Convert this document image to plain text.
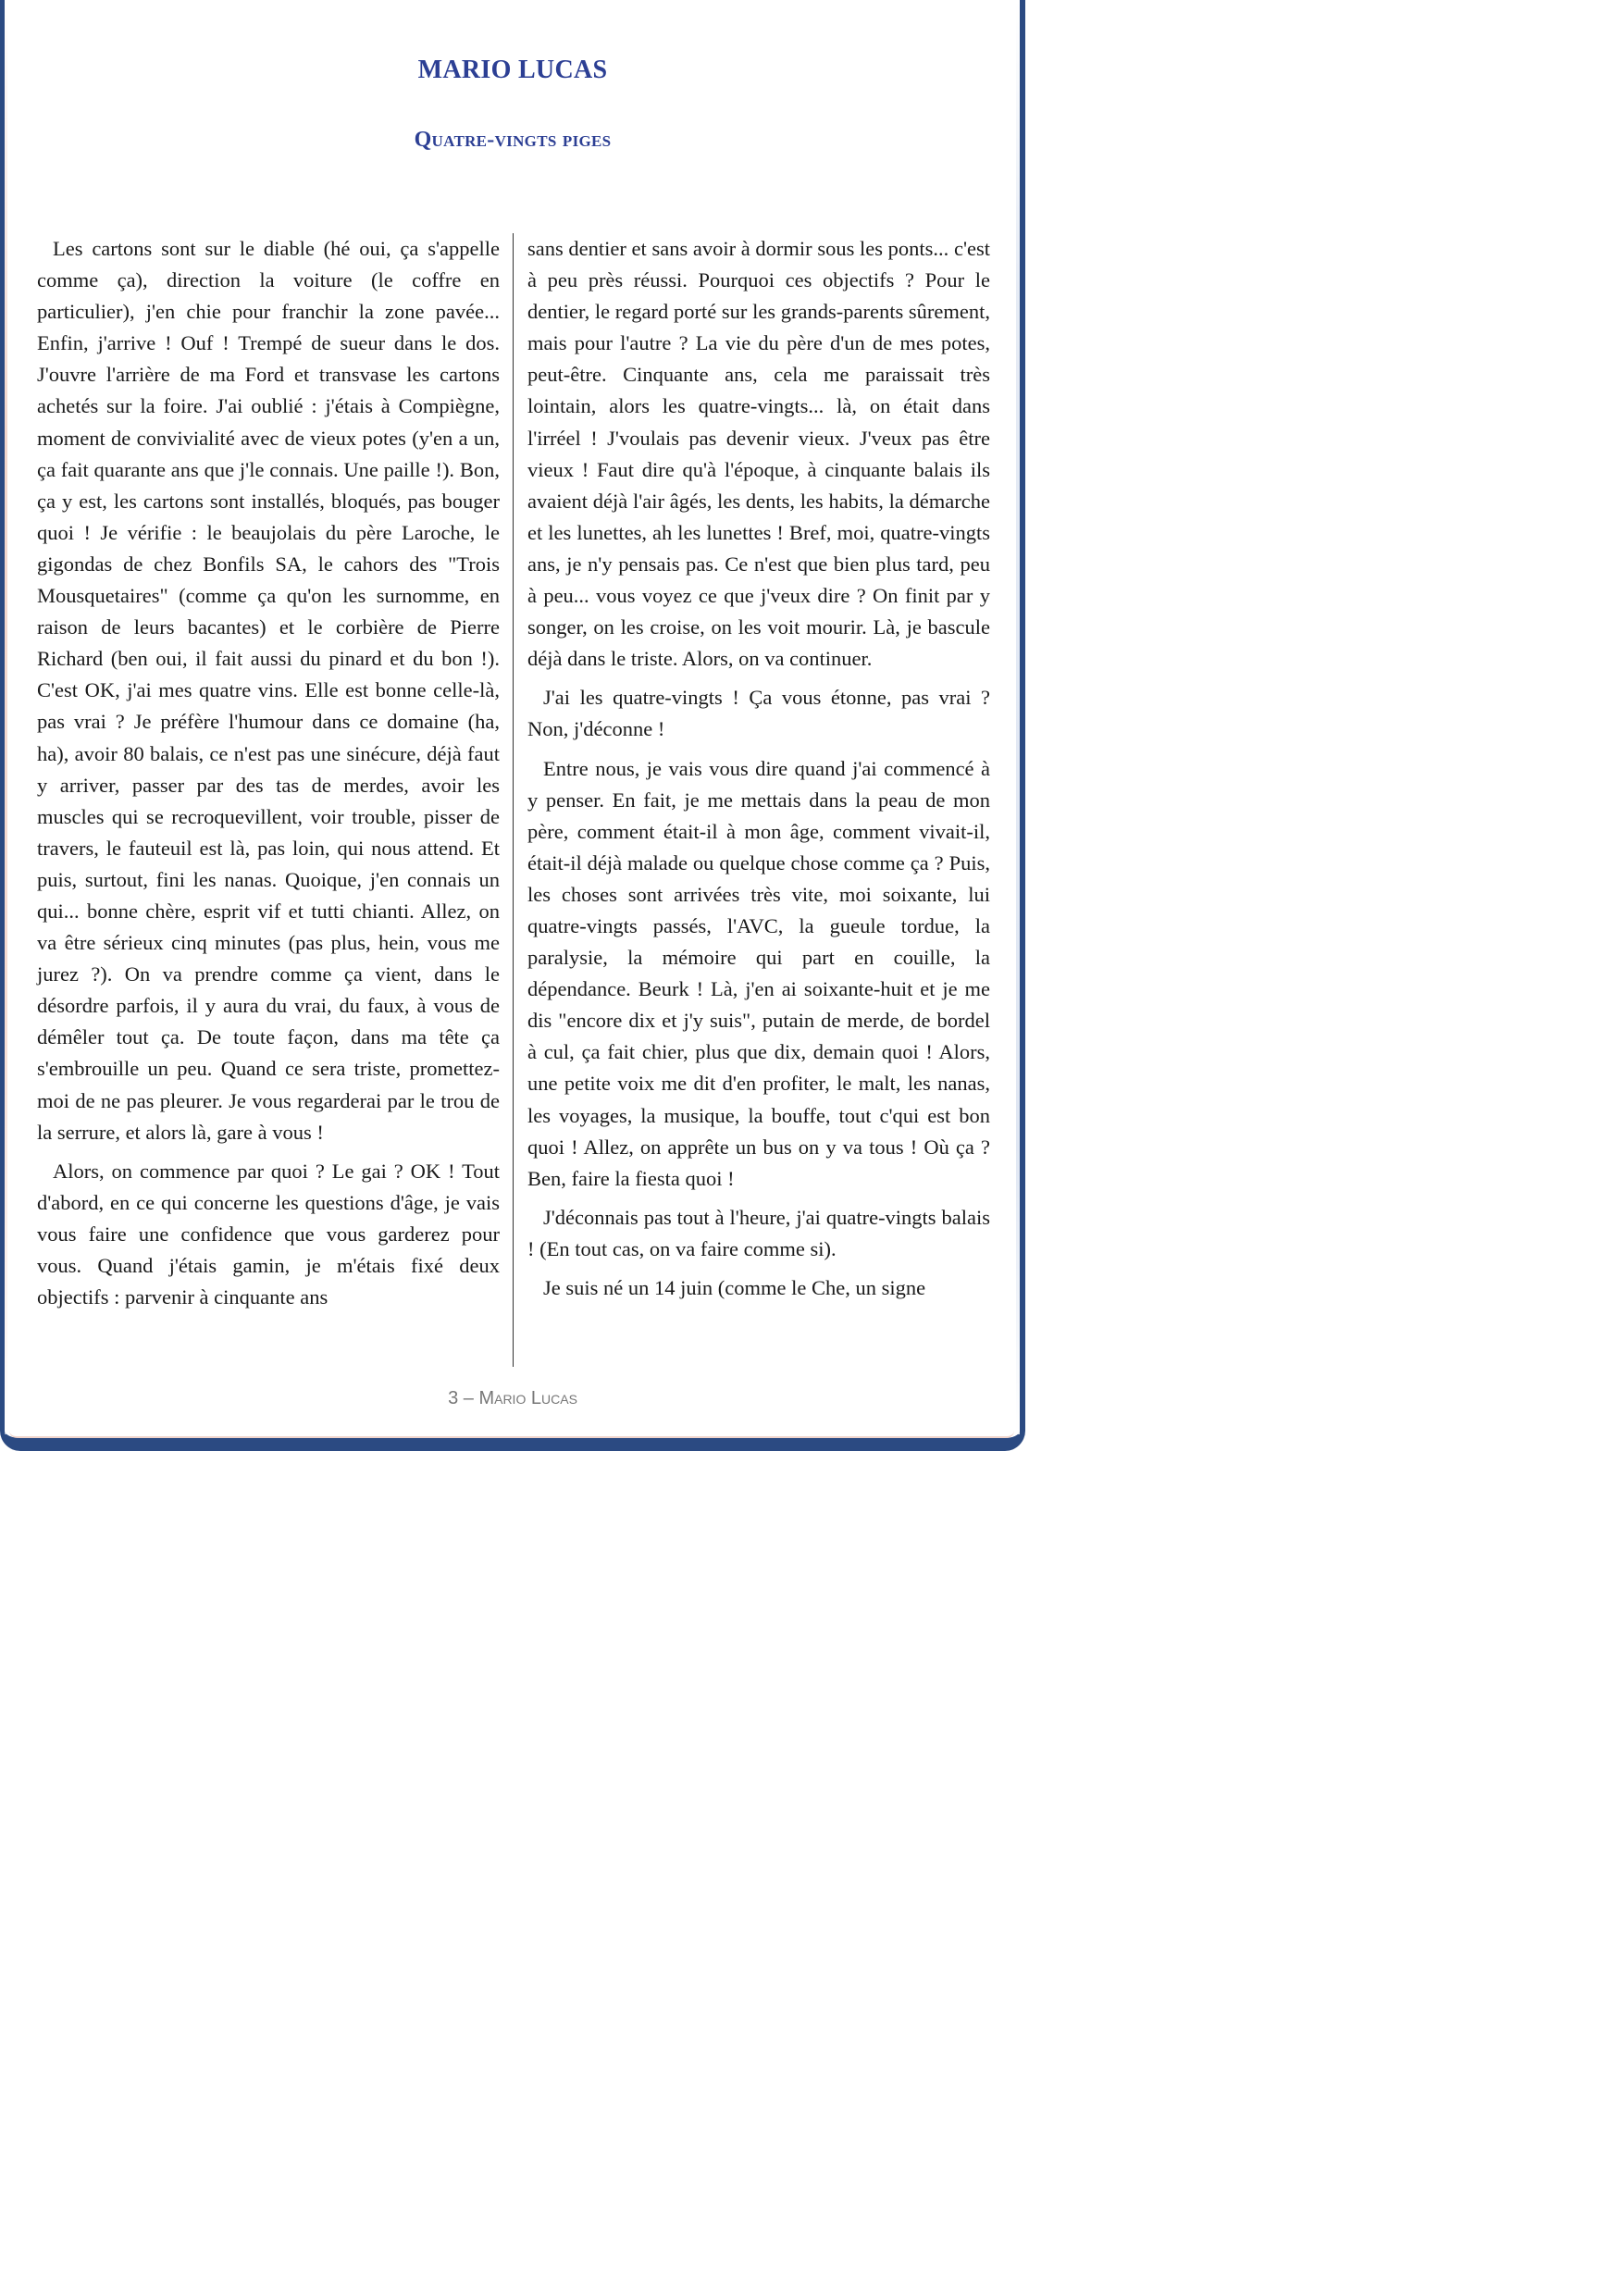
MARIO LUCAS
Quatre-vingts piges

Les cartons sont sur le diable (hé oui, ça s'appelle comme ça), direction la voiture (le coffre en particulier), j'en chie pour franchir la zone pavée... Enfin, j'arrive ! Ouf ! Trempé de sueur dans le dos. J'ouvre l'arrière de ma Ford et transvase les cartons achetés sur la foire. J'ai oublié : j'étais à Compiègne, moment de convivialité avec de vieux potes (y'en a un, ça fait quarante ans que j'le connais. Une paille !). Bon, ça y est, les cartons sont installés, bloqués, pas bouger quoi ! Je vérifie : le beaujolais du père Laroche, le gigondas de chez Bonfils SA, le cahors des "Trois Mousquetaires" (comme ça qu'on les surnomme, en raison de leurs bacantes) et le corbière de Pierre Richard (ben oui, il fait aussi du pinard et du bon !). C'est OK, j'ai mes quatre vins. Elle est bonne celle-là, pas vrai ? Je préfère l'humour dans ce domaine (ha, ha), avoir 80 balais, ce n'est pas une sinécure, déjà faut y arriver, passer par des tas de merdes, avoir les muscles qui se recroquevillent, voir trouble, pisser de travers, le fauteuil est là, pas loin, qui nous attend. Et puis, surtout, fini les nanas. Quoique, j'en connais un qui... bonne chère, esprit vif et tutti chianti. Allez, on va être sérieux cinq minutes (pas plus, hein, vous me jurez ?). On va prendre comme ça vient, dans le désordre parfois, il y aura du vrai, du faux, à vous de démêler tout ça. De toute façon, dans ma tête ça s'embrouille un peu. Quand ce sera triste, promettez-moi de ne pas pleurer. Je vous regarderai par le trou de la serrure, et alors là, gare à vous !

Alors, on commence par quoi ? Le gai ? OK ! Tout d'abord, en ce qui concerne les questions d'âge, je vais vous faire une confidence que vous garderez pour vous. Quand j'étais gamin, je m'étais fixé deux objectifs : parvenir à cinquante ans

sans dentier et sans avoir à dormir sous les ponts... c'est à peu près réussi. Pourquoi ces objectifs ? Pour le dentier, le regard porté sur les grands-parents sûrement, mais pour l'autre ? La vie du père d'un de mes potes, peut-être. Cinquante ans, cela me paraissait très lointain, alors les quatre-vingts... là, on était dans l'irréel ! J'voulais pas devenir vieux. J'veux pas être vieux ! Faut dire qu'à l'époque, à cinquante balais ils avaient déjà l'air âgés, les dents, les habits, la démarche et les lunettes, ah les lunettes ! Bref, moi, quatre-vingts ans, je n'y pensais pas. Ce n'est que bien plus tard, peu à peu... vous voyez ce que j'veux dire ? On finit par y songer, on les croise, on les voit mourir. Là, je bascule déjà dans le triste. Alors, on va continuer.

J'ai les quatre-vingts ! Ça vous étonne, pas vrai ? Non, j'déconne !

Entre nous, je vais vous dire quand j'ai commencé à y penser. En fait, je me mettais dans la peau de mon père, comment était-il à mon âge, comment vivait-il, était-il déjà malade ou quelque chose comme ça ? Puis, les choses sont arrivées très vite, moi soixante, lui quatre-vingts passés, l'AVC, la gueule tordue, la paralysie, la mémoire qui part en couille, la dépendance. Beurk ! Là, j'en ai soixante-huit et je me dis "encore dix et j'y suis", putain de merde, de bordel à cul, ça fait chier, plus que dix, demain quoi ! Alors, une petite voix me dit d'en profiter, le malt, les nanas, les voyages, la musique, la bouffe, tout c'qui est bon quoi ! Allez, on apprête un bus on y va tous ! Où ça ? Ben, faire la fiesta quoi !

J'déconnais pas tout à l'heure, j'ai quatre-vingts balais ! (En tout cas, on va faire comme si).

Je suis né un 14 juin (comme le Che, un signe

3 – Mario Lucas
